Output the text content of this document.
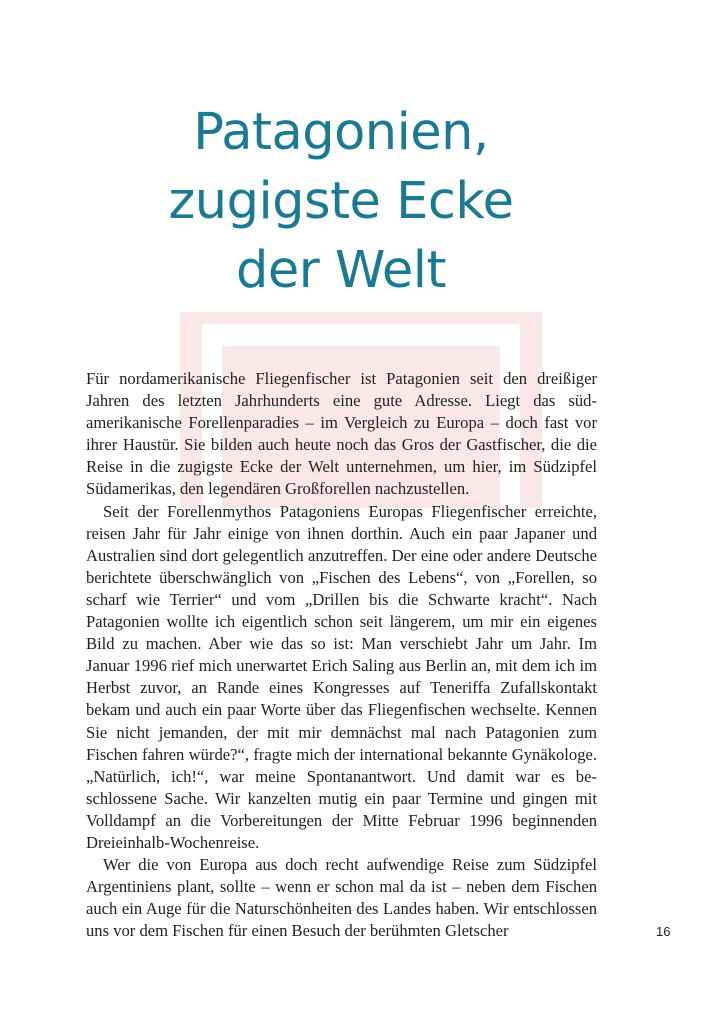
Patagonien,
zugigste Ecke
der Welt

Für nordamerikanische Fliegenfischer ist Patagonien seit den dreißiger Jahren des letzten Jahrhunderts eine gute Adresse. Liegt das südamerikanische Forellenparadies – im Vergleich zu Europa – doch fast vor ihrer Haustür. Sie bilden auch heute noch das Gros der Gastfischer, die die Reise in die zugigste Ecke der Welt unternehmen, um hier, im Südzipfel Südamerikas, den legendären Großforellen nachzustellen.

Seit der Forellenmythos Patagoniens Europas Fliegenfischer erreichte, reisen Jahr für Jahr einige von ihnen dorthin. Auch ein paar Japaner und Australien sind dort gelegentlich anzutreffen. Der eine oder andere Deutsche berichtete überschwänglich von „Fischen des Lebens“, von „Forellen, so scharf wie Terrier“ und vom „Drillen bis die Schwarte kracht“. Nach Patagonien wollte ich eigentlich schon seit längerem, um mir ein eigenes Bild zu machen. Aber wie das so ist: Man verschiebt Jahr um Jahr. Im Januar 1996 rief mich unerwartet Erich Saling aus Berlin an, mit dem ich im Herbst zuvor, an Rande eines Kongresses auf Teneriffa Zufallskontakt bekam und auch ein paar Worte über das Fliegenfischen wechselte. Kennen Sie nicht jemanden, der mit mir demnächst mal nach Patagonien zum Fischen fahren würde?“, fragte mich der international bekannte Gynäkologe. „Natürlich, ich!“, war meine Spontanantwort. Und damit war es beschlossene Sache. Wir kanzelten mutig ein paar Termine und gingen mit Volldampf an die Vorbereitungen der Mitte Februar 1996 beginnenden Dreieinhalb-Wochenreise.

Wer die von Europa aus doch recht aufwendige Reise zum Südzipfel Argentiniens plant, sollte – wenn er schon mal da ist – neben dem Fischen auch ein Auge für die Naturschönheiten des Landes haben. Wir entschlossen uns vor dem Fischen für einen Besuch der berühmten Gletscher	16
